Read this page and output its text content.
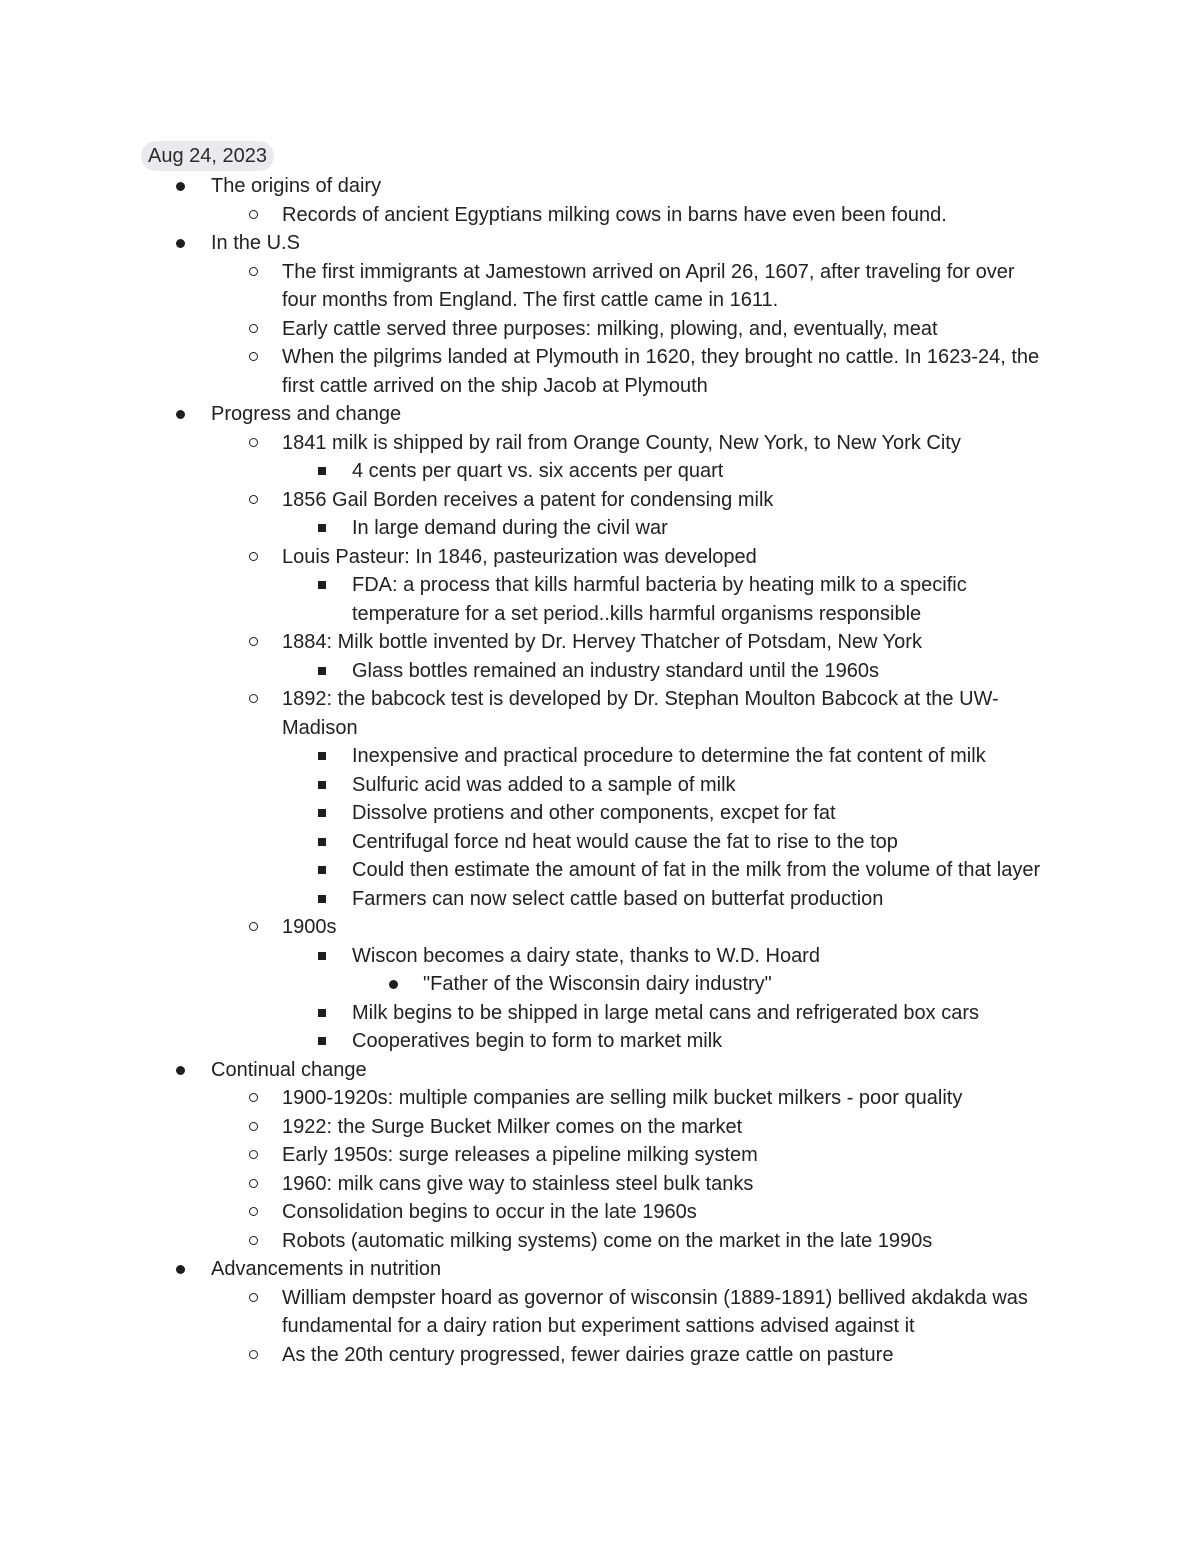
Aug 24, 2023
The origins of dairy
Records of ancient Egyptians milking cows in barns have even been found.
In the U.S
The first immigrants at Jamestown arrived on April 26, 1607, after traveling for over four months from England. The first cattle came in 1611.
Early cattle served three purposes: milking, plowing, and, eventually, meat
When the pilgrims landed at Plymouth in 1620, they brought no cattle. In 1623-24, the first cattle arrived on the ship Jacob at Plymouth
Progress and change
1841 milk is shipped by rail from Orange County, New York, to New York City
4 cents per quart vs. six accents per quart
1856 Gail Borden receives a patent for condensing milk
In large demand during the civil war
Louis Pasteur: In 1846, pasteurization was developed
FDA: a process that kills harmful bacteria by heating milk to a specific temperature for a set period..kills harmful organisms responsible
1884: Milk bottle invented by Dr. Hervey Thatcher of Potsdam, New York
Glass bottles remained an industry standard until the 1960s
1892: the babcock test is developed by Dr. Stephan Moulton Babcock at the UW-Madison
Inexpensive and practical procedure to determine the fat content of milk
Sulfuric acid was added to a sample of milk
Dissolve protiens and other components, excpet for fat
Centrifugal force nd heat would cause the fat to rise to the top
Could then estimate the amount of fat in the milk from the volume of that layer
Farmers can now select cattle based on butterfat production
1900s
Wiscon becomes a dairy state, thanks to W.D. Hoard
"Father of the Wisconsin dairy industry"
Milk begins to be shipped in large metal cans and refrigerated box cars
Cooperatives begin to form to market milk
Continual change
1900-1920s: multiple companies are selling milk bucket milkers - poor quality
1922: the Surge Bucket Milker comes on the market
Early 1950s: surge releases a pipeline milking system
1960: milk cans give way to stainless steel bulk tanks
Consolidation begins to occur in the late 1960s
Robots (automatic milking systems) come on the market in the late 1990s
Advancements in nutrition
William dempster hoard as governor of wisconsin (1889-1891) bellived akdakda was fundamental for a dairy ration but experiment sattions advised against it
As the 20th century progressed, fewer dairies graze cattle on pasture
